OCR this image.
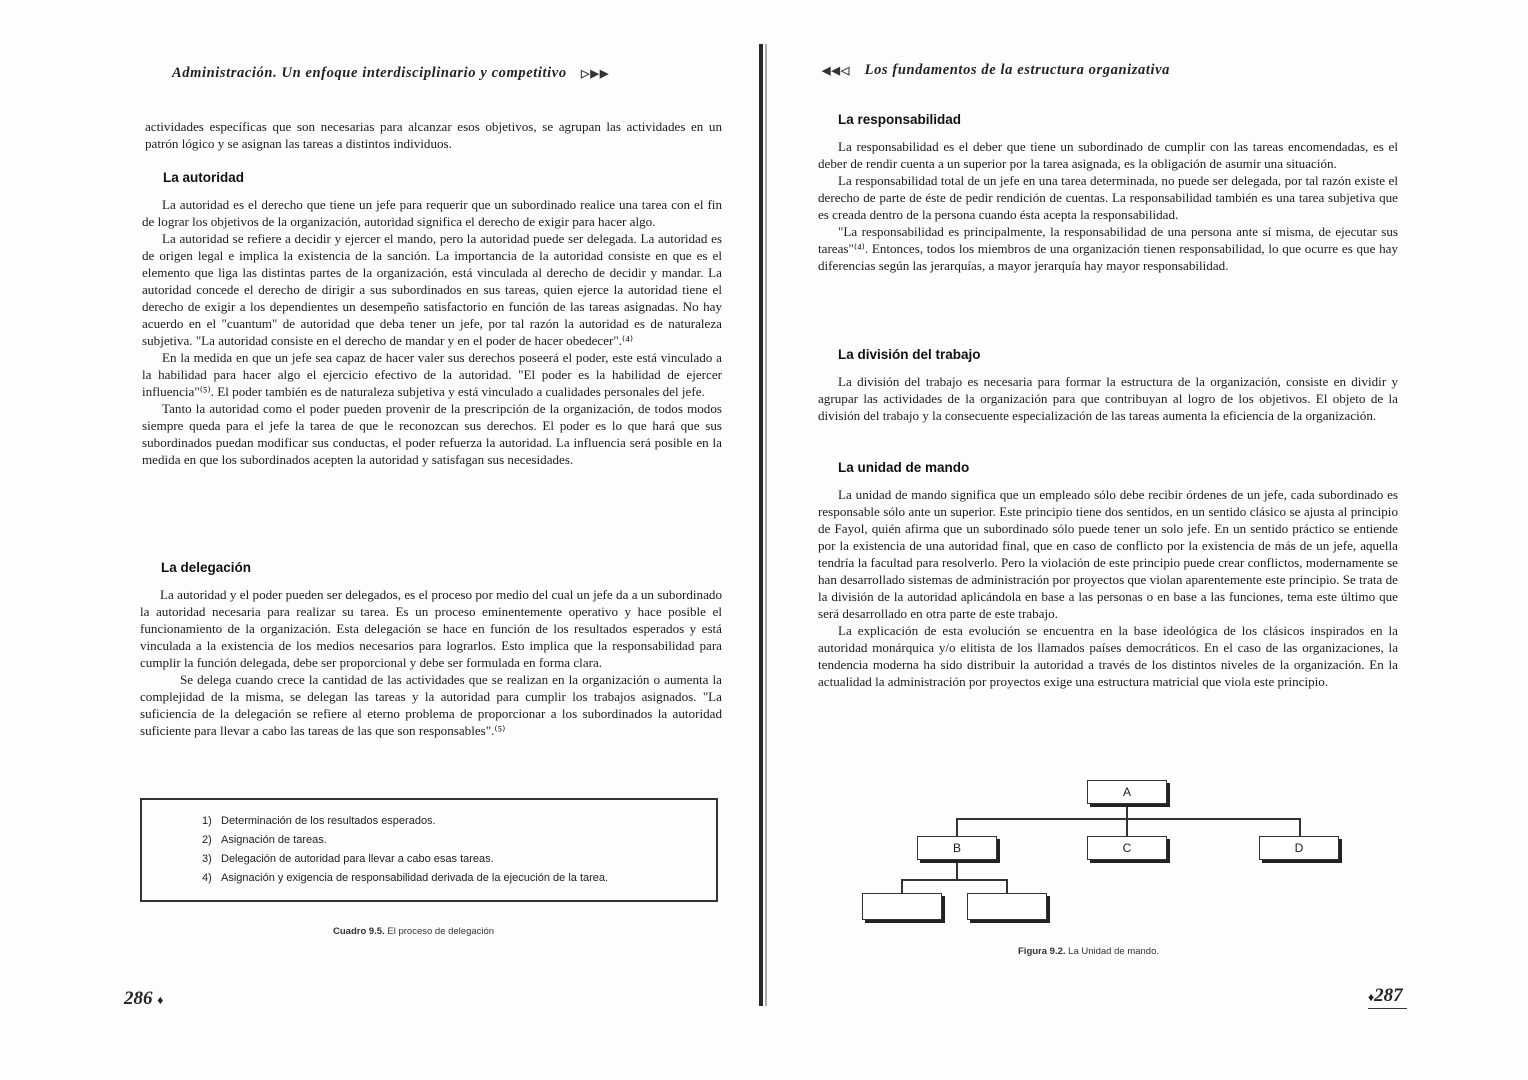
Administración. Un enfoque interdisciplinario y competitivo ▷▶▶

actividades específicas que son necesarias para alcanzar esos objetivos, se agrupan las actividades en un patrón lógico y se asignan las tareas a distintos individuos.

La autoridad

La autoridad es el derecho que tiene un jefe para requerir que un subordinado realice una tarea con el fin de lograr los objetivos de la organización, autoridad significa el derecho de exigir para hacer algo.

La autoridad se refiere a decidir y ejercer el mando, pero la autoridad puede ser delegada. La autoridad es de origen legal e implica la existencia de la sanción. La importancia de la autoridad consiste en que es el elemento que liga las distintas partes de la organización, está vinculada al derecho de decidir y mandar. La autoridad concede el derecho de dirigir a sus subordinados en sus tareas, quien ejerce la autoridad tiene el derecho de exigir a los dependientes un desempeño satisfactorio en función de las tareas asignadas. No hay acuerdo en el "cuantum" de autoridad que deba tener un jefe, por tal razón la autoridad es de naturaleza subjetiva. "La autoridad consiste en el derecho de mandar y en el poder de hacer obedecer".⁽⁴⁾

En la medida en que un jefe sea capaz de hacer valer sus derechos poseerá el poder, este está vinculado a la habilidad para hacer algo el ejercicio efectivo de la autoridad. "El poder es la habilidad de ejercer influencia"⁽⁵⁾. El poder también es de naturaleza subjetiva y está vinculado a cualidades personales del jefe.

Tanto la autoridad como el poder pueden provenir de la prescripción de la organización, de todos modos siempre queda para el jefe la tarea de que le reconozcan sus derechos. El poder es lo que hará que sus subordinados puedan modificar sus conductas, el poder refuerza la autoridad. La influencia será posible en la medida en que los subordinados acepten la autoridad y satisfagan sus necesidades.

La delegación

La autoridad y el poder pueden ser delegados, es el proceso por medio del cual un jefe da a un subordinado la autoridad necesaria para realizar su tarea. Es un proceso eminentemente operativo y hace posible el funcionamiento de la organización. Esta delegación se hace en función de los resultados esperados y está vinculada a la existencia de los medios necesarios para lograrlos. Esto implica que la responsabilidad para cumplir la función delegada, debe ser proporcional y debe ser formulada en forma clara.

Se delega cuando crece la cantidad de las actividades que se realizan en la organización o aumenta la complejidad de la misma, se delegan las tareas y la autoridad para cumplir los trabajos asignados. "La suficiencia de la delegación se refiere al eterno problema de proporcionar a los subordinados la autoridad suficiente para llevar a cabo las tareas de las que son responsables".⁽⁵⁾

1) Determinación de los resultados esperados.
2) Asignación de tareas.
3) Delegación de autoridad para llevar a cabo esas tareas.
4) Asignación y exigencia de responsabilidad derivada de la ejecución de la tarea.
Cuadro 9.5. El proceso de delegación
286 ♦
◀◀◁ Los fundamentos de la estructura organizativa
La responsabilidad

La responsabilidad es el deber que tiene un subordinado de cumplir con las tareas encomendadas, es el deber de rendir cuenta a un superior por la tarea asignada, es la obligación de asumir una situación.

La responsabilidad total de un jefe en una tarea determinada, no puede ser delegada, por tal razón existe el derecho de parte de éste de pedir rendición de cuentas. La responsabilidad también es una tarea subjetiva que es creada dentro de la persona cuando ésta acepta la responsabilidad.

"La responsabilidad es principalmente, la responsabilidad de una persona ante sí misma, de ejecutar sus tareas"⁽⁴⁾. Entonces, todos los miembros de una organización tienen responsabilidad, lo que ocurre es que hay diferencias según las jerarquías, a mayor jerarquía hay mayor responsabilidad.

La división del trabajo

La división del trabajo es necesaria para formar la estructura de la organización, consiste en dividir y agrupar las actividades de la organización para que contribuyan al logro de los objetivos. El objeto de la división del trabajo y la consecuente especialización de las tareas aumenta la eficiencia de la organización.

La unidad de mando

La unidad de mando significa que un empleado sólo debe recibir órdenes de un jefe, cada subordinado es responsable sólo ante un superior. Este principio tiene dos sentidos, en un sentido clásico se ajusta al principio de Fayol, quién afirma que un subordinado sólo puede tener un solo jefe. En un sentido práctico se entiende por la existencia de una autoridad final, que en caso de conflicto por la existencia de más de un jefe, aquella tendría la facultad para resolverlo. Pero la violación de este principio puede crear conflictos, modernamente se han desarrollado sistemas de administración por proyectos que violan aparentemente este principio. Se trata de la división de la autoridad aplicándola en base a las personas o en base a las funciones, tema este último que será desarrollado en otra parte de este trabajo.

La explicación de esta evolución se encuentra en la base ideológica de los clásicos inspirados en la autoridad monárquica y/o elitista de los llamados países democráticos. En el caso de las organizaciones, la tendencia moderna ha sido distribuir la autoridad a través de los distintos niveles de la organización. En la actualidad la administración por proyectos exige una estructura matricial que viola este principio.

A
B	C	D
Figura 9.2. La Unidad de mando.
♦287
